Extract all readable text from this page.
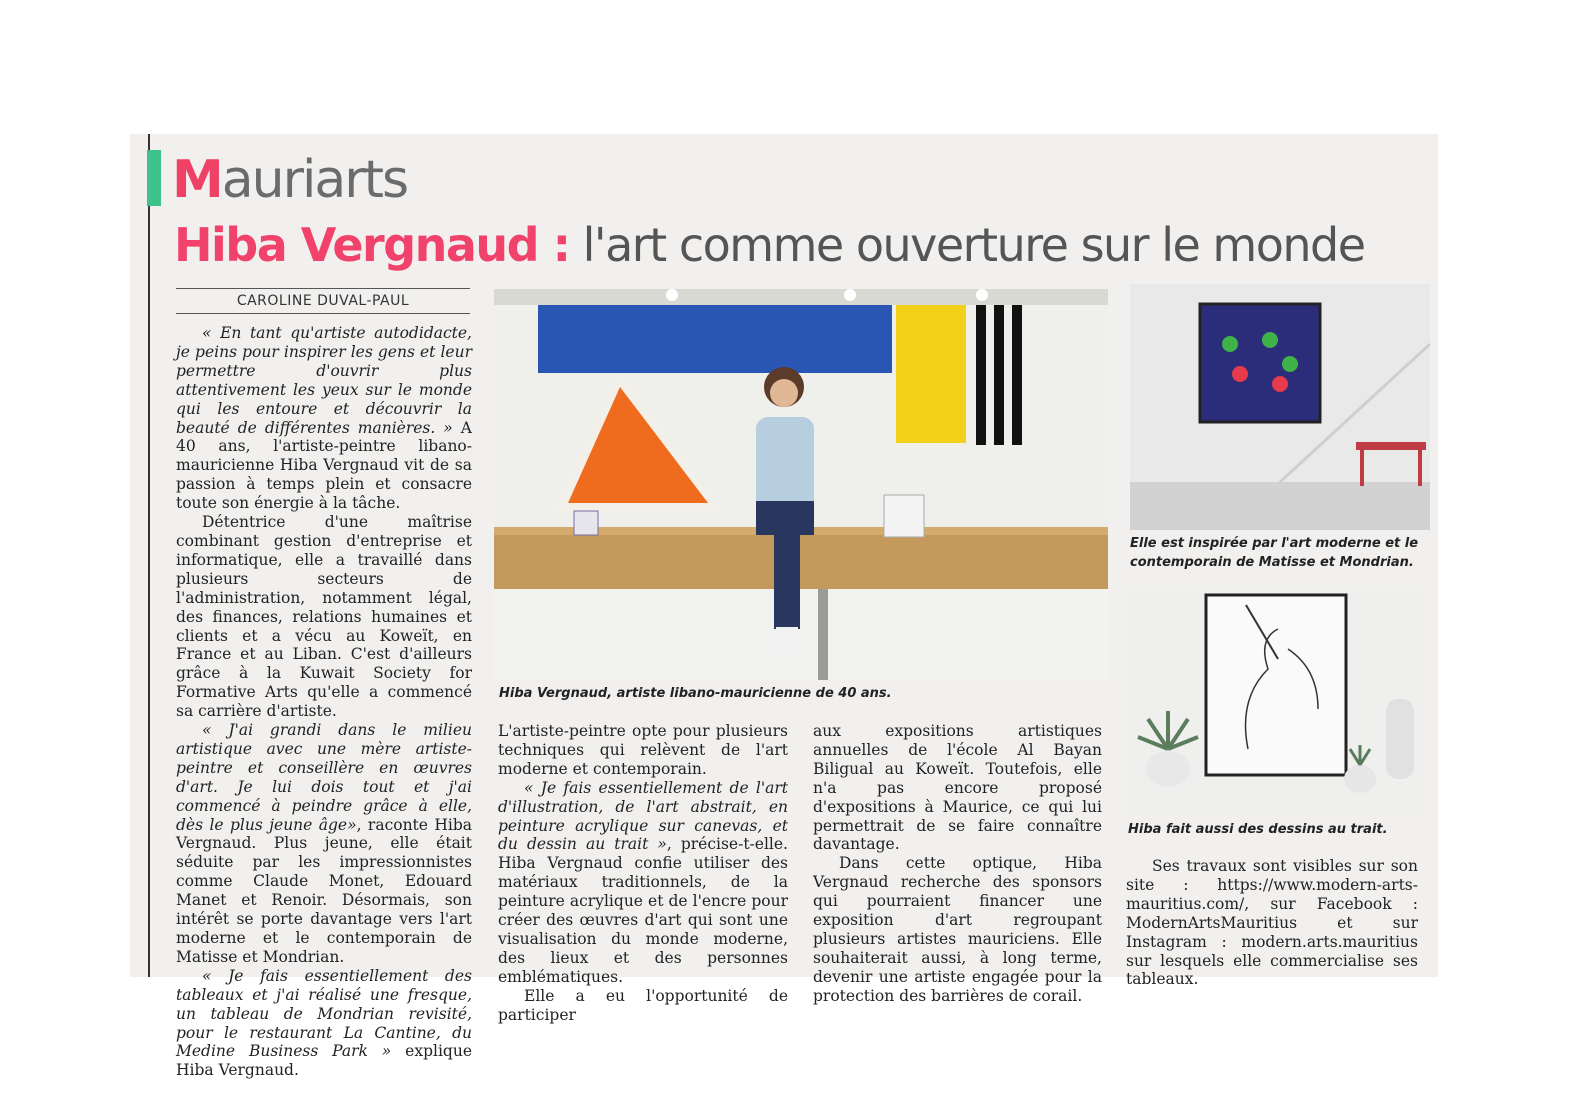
Mauriarts
Hiba Vergnaud : l'art comme ouverture sur le monde
CAROLINE DUVAL-PAUL

« En tant qu'artiste autodidacte, je peins pour inspirer les gens et leur permettre d'ouvrir plus attentivement les yeux sur le monde qui les entoure et découvrir la beauté de différentes manières. » A 40 ans, l'artiste-peintre libano-mauricienne Hiba Vergnaud vit de sa passion à temps plein et consacre toute son énergie à la tâche.

Détentrice d'une maîtrise combinant gestion d'entreprise et informatique, elle a travaillé dans plusieurs secteurs de l'administration, notamment légal, des finances, relations humaines et clients et a vécu au Koweït, en France et au Liban. C'est d'ailleurs grâce à la Kuwait Society for Formative Arts qu'elle a commencé sa carrière d'artiste.

« J'ai grandi dans le milieu artistique avec une mère artiste-peintre et conseillère en œuvres d'art. Je lui dois tout et j'ai commencé à peindre grâce à elle, dès le plus jeune âge», raconte Hiba Vergnaud. Plus jeune, elle était séduite par les impressionnistes comme Claude Monet, Edouard Manet et Renoir. Désormais, son intérêt se porte davantage vers l'art moderne et le contemporain de Matisse et Mondrian.

« Je fais essentiellement des tableaux et j'ai réalisé une fresque, un tableau de Mondrian revisité, pour le restaurant La Cantine, du Medine Business Park » explique Hiba Vergnaud.

Hiba Vergnaud, artiste libano-mauricienne de 40 ans.

L'artiste-peintre opte pour plusieurs techniques qui relèvent de l'art moderne et contemporain.

« Je fais essentiellement de l'art d'illustration, de l'art abstrait, en peinture acrylique sur canevas, et du dessin au trait », précise-t-elle. Hiba Vergnaud confie utiliser des matériaux traditionnels, de la peinture acrylique et de l'encre pour créer des œuvres d'art qui sont une visualisation du monde moderne, des lieux et des personnes emblématiques.

Elle a eu l'opportunité de participer

aux expositions artistiques annuelles de l'école Al Bayan Biligual au Koweït. Toutefois, elle n'a pas encore proposé d'expositions à Maurice, ce qui lui permettrait de se faire connaître davantage.

Dans cette optique, Hiba Vergnaud recherche des sponsors qui pourraient financer une exposition d'art regroupant plusieurs artistes mauriciens. Elle souhaiterait aussi, à long terme, devenir une artiste engagée pour la protection des barrières de corail.

Elle est inspirée par l'art moderne et le contemporain de Matisse et Mondrian.
Hiba fait aussi des dessins au trait.

Ses travaux sont visibles sur son site : https://www.modern-arts-mauritius.com/, sur Facebook : ModernArtsMauritius et sur Instagram : modern.arts.mauritius sur lesquels elle commercialise ses tableaux.
